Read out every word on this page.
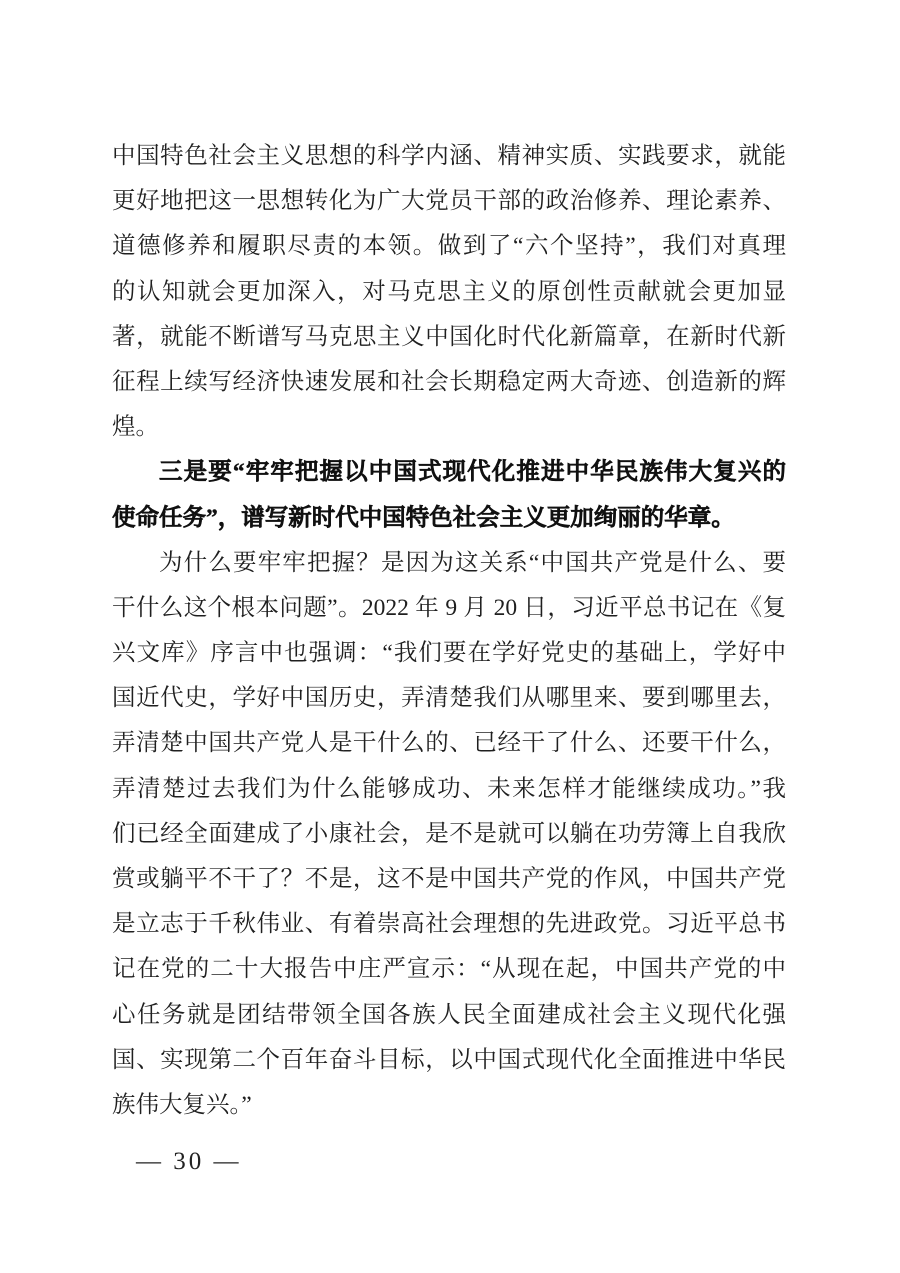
中国特色社会主义思想的科学内涵、精神实质、实践要求，就能
更好地把这一思想转化为广大党员干部的政治修养、理论素养、
道德修养和履职尽责的本领。做到了“六个坚持”，我们对真理
的认知就会更加深入，对马克思主义的原创性贡献就会更加显
著，就能不断谱写马克思主义中国化时代化新篇章，在新时代新
征程上续写经济快速发展和社会长期稳定两大奇迹、创造新的辉
煌。
三是要“牢牢把握以中国式现代化推进中华民族伟大复兴的
使命任务”，谱写新时代中国特色社会主义更加绚丽的华章。
为什么要牢牢把握？是因为这关系“中国共产党是什么、要
干什么这个根本问题”。2022 年 9 月 20 日，习近平总书记在《复
兴文库》序言中也强调：“我们要在学好党史的基础上，学好中
国近代史，学好中国历史，弄清楚我们从哪里来、要到哪里去，
弄清楚中国共产党人是干什么的、已经干了什么、还要干什么，
弄清楚过去我们为什么能够成功、未来怎样才能继续成功。”我
们已经全面建成了小康社会，是不是就可以躺在功劳簿上自我欣
赏或躺平不干了？不是，这不是中国共产党的作风，中国共产党
是立志于千秋伟业、有着崇高社会理想的先进政党。习近平总书
记在党的二十大报告中庄严宣示：“从现在起，中国共产党的中
心任务就是团结带领全国各族人民全面建成社会主义现代化强
国、实现第二个百年奋斗目标，以中国式现代化全面推进中华民
族伟大复兴。”
— 30 —
